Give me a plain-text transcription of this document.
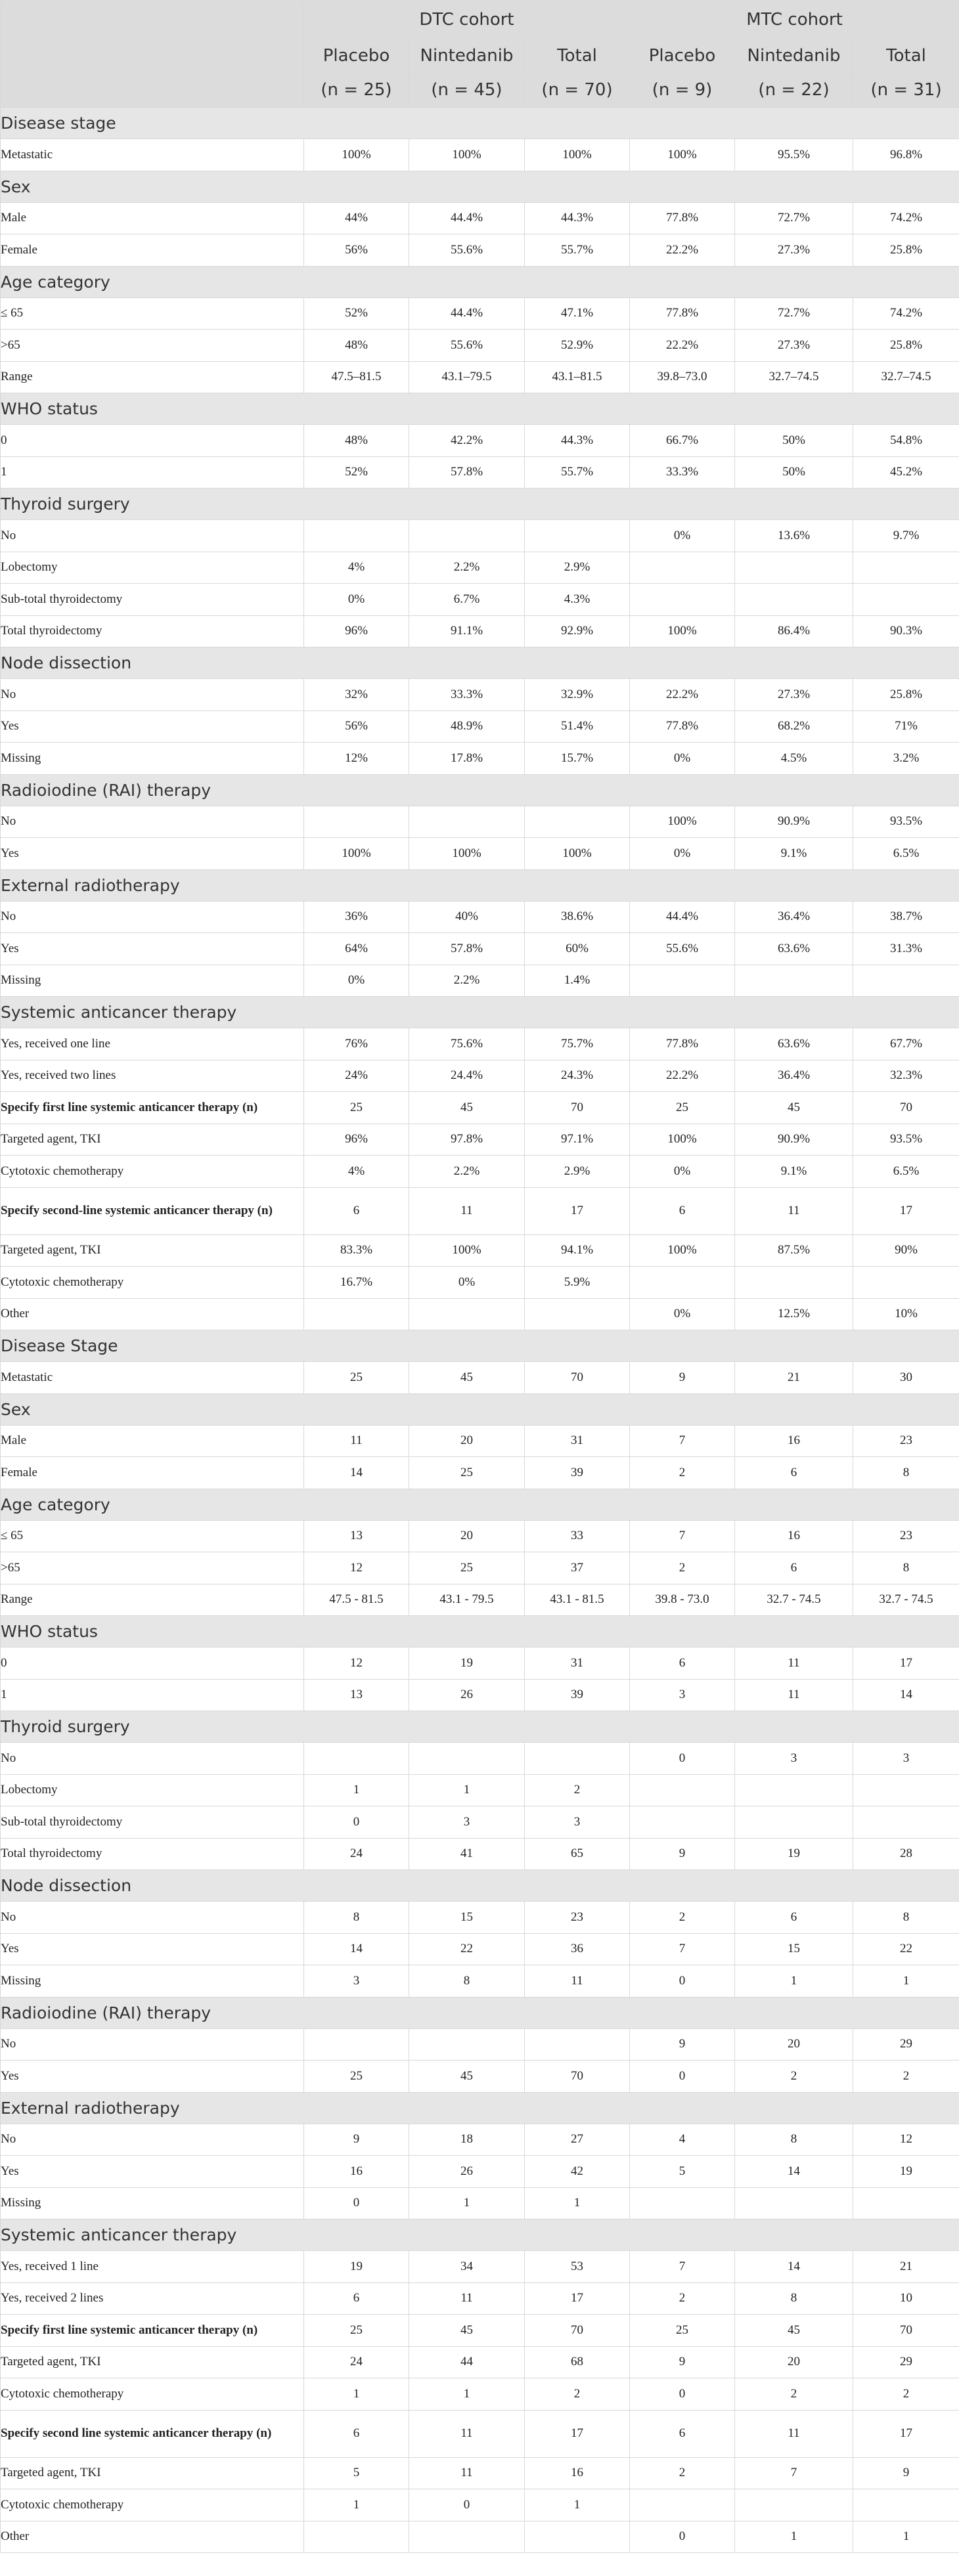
	DTC cohort			MTC cohort		
	Placebo	Nintedanib	Total	Placebo	Nintedanib	Total
	(n = 25)	(n = 45)	(n = 70)	(n = 9)	(n = 22)	(n = 31)
Disease stage						
Metastatic	100%	100%	100%	100%	95.5%	96.8%
Sex						
Male	44%	44.4%	44.3%	77.8%	72.7%	74.2%
Female	56%	55.6%	55.7%	22.2%	27.3%	25.8%
Age category						
≤ 65	52%	44.4%	47.1%	77.8%	72.7%	74.2%
>65	48%	55.6%	52.9%	22.2%	27.3%	25.8%
Range	47.5–81.5	43.1–79.5	43.1–81.5	39.8–73.0	32.7–74.5	32.7–74.5
WHO status						
0	48%	42.2%	44.3%	66.7%	50%	54.8%
1	52%	57.8%	55.7%	33.3%	50%	45.2%
Thyroid surgery						
No				0%	13.6%	9.7%
Lobectomy	4%	2.2%	2.9%			
Sub-total thyroidectomy	0%	6.7%	4.3%			
Total thyroidectomy	96%	91.1%	92.9%	100%	86.4%	90.3%
Node dissection						
No	32%	33.3%	32.9%	22.2%	27.3%	25.8%
Yes	56%	48.9%	51.4%	77.8%	68.2%	71%
Missing	12%	17.8%	15.7%	0%	4.5%	3.2%
Radioiodine (RAI) therapy						
No				100%	90.9%	93.5%
Yes	100%	100%	100%	0%	9.1%	6.5%
External radiotherapy						
No	36%	40%	38.6%	44.4%	36.4%	38.7%
Yes	64%	57.8%	60%	55.6%	63.6%	31.3%
Missing	0%	2.2%	1.4%			
Systemic anticancer therapy						
Yes, received one line	76%	75.6%	75.7%	77.8%	63.6%	67.7%
Yes, received two lines	24%	24.4%	24.3%	22.2%	36.4%	32.3%
Specify first line systemic anticancer therapy (n)	25	45	70	25	45	70
Targeted agent, TKI	96%	97.8%	97.1%	100%	90.9%	93.5%
Cytotoxic chemotherapy	4%	2.2%	2.9%	0%	9.1%	6.5%
Specify second-line systemic anticancer therapy (n)	6	11	17	6	11	17
Targeted agent, TKI	83.3%	100%	94.1%	100%	87.5%	90%
Cytotoxic chemotherapy	16.7%	0%	5.9%			
Other				0%	12.5%	10%
Disease Stage						
Metastatic	25	45	70	9	21	30
Sex						
Male	11	20	31	7	16	23
Female	14	25	39	2	6	8
Age category						
≤ 65	13	20	33	7	16	23
>65	12	25	37	2	6	8
Range	47.5 - 81.5	43.1 - 79.5	43.1 - 81.5	39.8 - 73.0	32.7 - 74.5	32.7 - 74.5
WHO status						
0	12	19	31	6	11	17
1	13	26	39	3	11	14
Thyroid surgery						
No				0	3	3
Lobectomy	1	1	2			
Sub-total thyroidectomy	0	3	3			
Total thyroidectomy	24	41	65	9	19	28
Node dissection						
No	8	15	23	2	6	8
Yes	14	22	36	7	15	22
Missing	3	8	11	0	1	1
Radioiodine (RAI) therapy						
No				9	20	29
Yes	25	45	70	0	2	2
External radiotherapy						
No	9	18	27	4	8	12
Yes	16	26	42	5	14	19
Missing	0	1	1			
Systemic anticancer therapy						
Yes, received 1 line	19	34	53	7	14	21
Yes, received 2 lines	6	11	17	2	8	10
Specify first line systemic anticancer therapy (n)	25	45	70	25	45	70
Targeted agent, TKI	24	44	68	9	20	29
Cytotoxic chemotherapy	1	1	2	0	2	2
Specify second line systemic anticancer therapy (n)	6	11	17	6	11	17
Targeted agent, TKI	5	11	16	2	7	9
Cytotoxic chemotherapy	1	0	1			
Other				0	1	1
